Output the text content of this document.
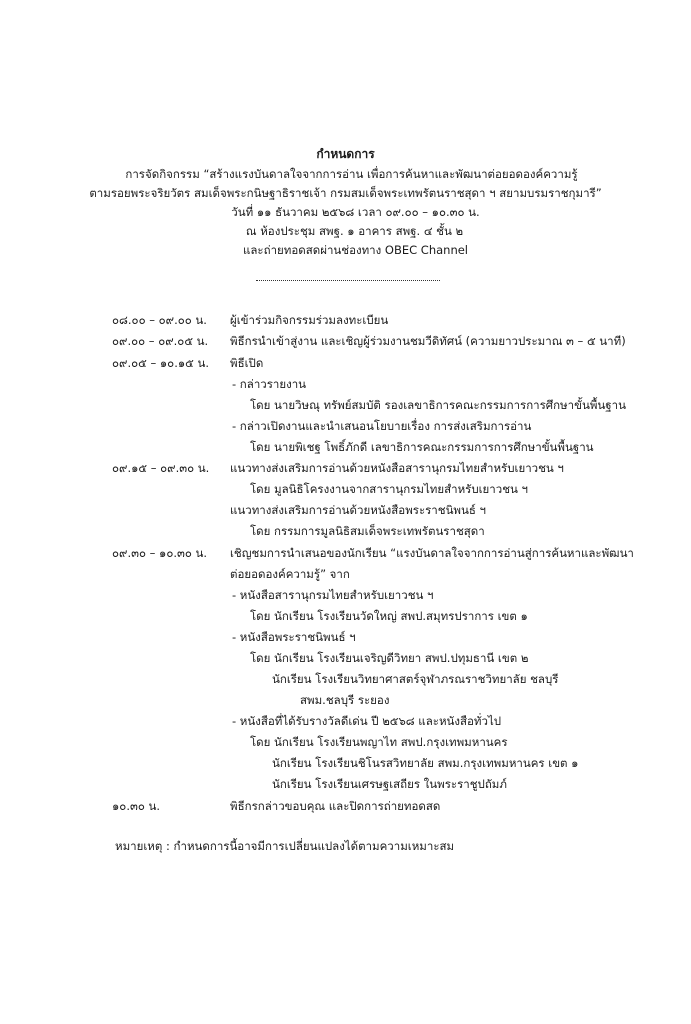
กำหนดการ
การจัดกิจกรรม “สร้างแรงบันดาลใจจากการอ่าน เพื่อการค้นหาและพัฒนาต่อยอดองค์ความรู้
ตามรอยพระจริยวัตร สมเด็จพระกนิษฐาธิราชเจ้า กรมสมเด็จพระเทพรัตนราชสุดา ฯ สยามบรมราชกุมารี”
วันที่ ๑๑ ธันวาคม ๒๕๖๘ เวลา ๐๙.๐๐ – ๑๐.๓๐ น.
ณ ห้องประชุม สพฐ. ๑ อาคาร สพฐ. ๔ ชั้น ๒
และถ่ายทอดสดผ่านช่องทาง OBEC Channel
๐๘.๐๐ – ๐๙.๐๐ น. ผู้เข้าร่วมกิจกรรมร่วมลงทะเบียน
๐๙.๐๐ – ๐๙.๐๕ น. พิธีกรนำเข้าสู่งาน และเชิญผู้ร่วมงานชมวีดิทัศน์ (ความยาวประมาณ ๓ – ๕ นาที)
๐๙.๐๕ – ๑๐.๑๕ น. พิธีเปิด
- กล่าวรายงาน
โดย นายวิษณุ ทรัพย์สมบัติ รองเลขาธิการคณะกรรมการการศึกษาขั้นพื้นฐาน
- กล่าวเปิดงานและนำเสนอนโยบายเรื่อง การส่งเสริมการอ่าน
โดย นายพิเชฐ โพธิ์ภักดี เลขาธิการคณะกรรมการการศึกษาขั้นพื้นฐาน
๐๙.๑๕ – ๐๙.๓๐ น. แนวทางส่งเสริมการอ่านด้วยหนังสือสารานุกรมไทยสำหรับเยาวชน ฯ
โดย มูลนิธิโครงงานจากสารานุกรมไทยสำหรับเยาวชน ฯ
แนวทางส่งเสริมการอ่านด้วยหนังสือพระราชนิพนธ์ ฯ
โดย กรรมการมูลนิธิสมเด็จพระเทพรัตนราชสุดา
๐๙.๓๐ – ๑๐.๓๐ น. เชิญชมการนำเสนอของนักเรียน “แรงบันดาลใจจากการอ่านสู่การค้นหาและพัฒนา
ต่อยอดองค์ความรู้” จาก
- หนังสือสารานุกรมไทยสำหรับเยาวชน ฯ
โดย นักเรียน โรงเรียนวัดใหญ่ สพป.สมุทรปราการ เขต ๑
- หนังสือพระราชนิพนธ์ ฯ
โดย นักเรียน โรงเรียนเจริญดีวิทยา สพป.ปทุมธานี เขต ๒
นักเรียน โรงเรียนวิทยาศาสตร์จุฬาภรณราชวิทยาลัย ชลบุรี
สพม.ชลบุรี ระยอง
- หนังสือที่ได้รับรางวัลดีเด่น ปี ๒๕๖๘ และหนังสือทั่วไป
โดย นักเรียน โรงเรียนพญาไท สพป.กรุงเทพมหานคร
นักเรียน โรงเรียนชิโนรสวิทยาลัย สพม.กรุงเทพมหานคร เขต ๑
นักเรียน โรงเรียนเศรษฐเสถียร ในพระราชูปถัมภ์
๑๐.๓๐ น.	พิธีกรกล่าวขอบคุณ และปิดการถ่ายทอดสด
หมายเหตุ : กำหนดการนี้อาจมีการเปลี่ยนแปลงได้ตามความเหมาะสม
